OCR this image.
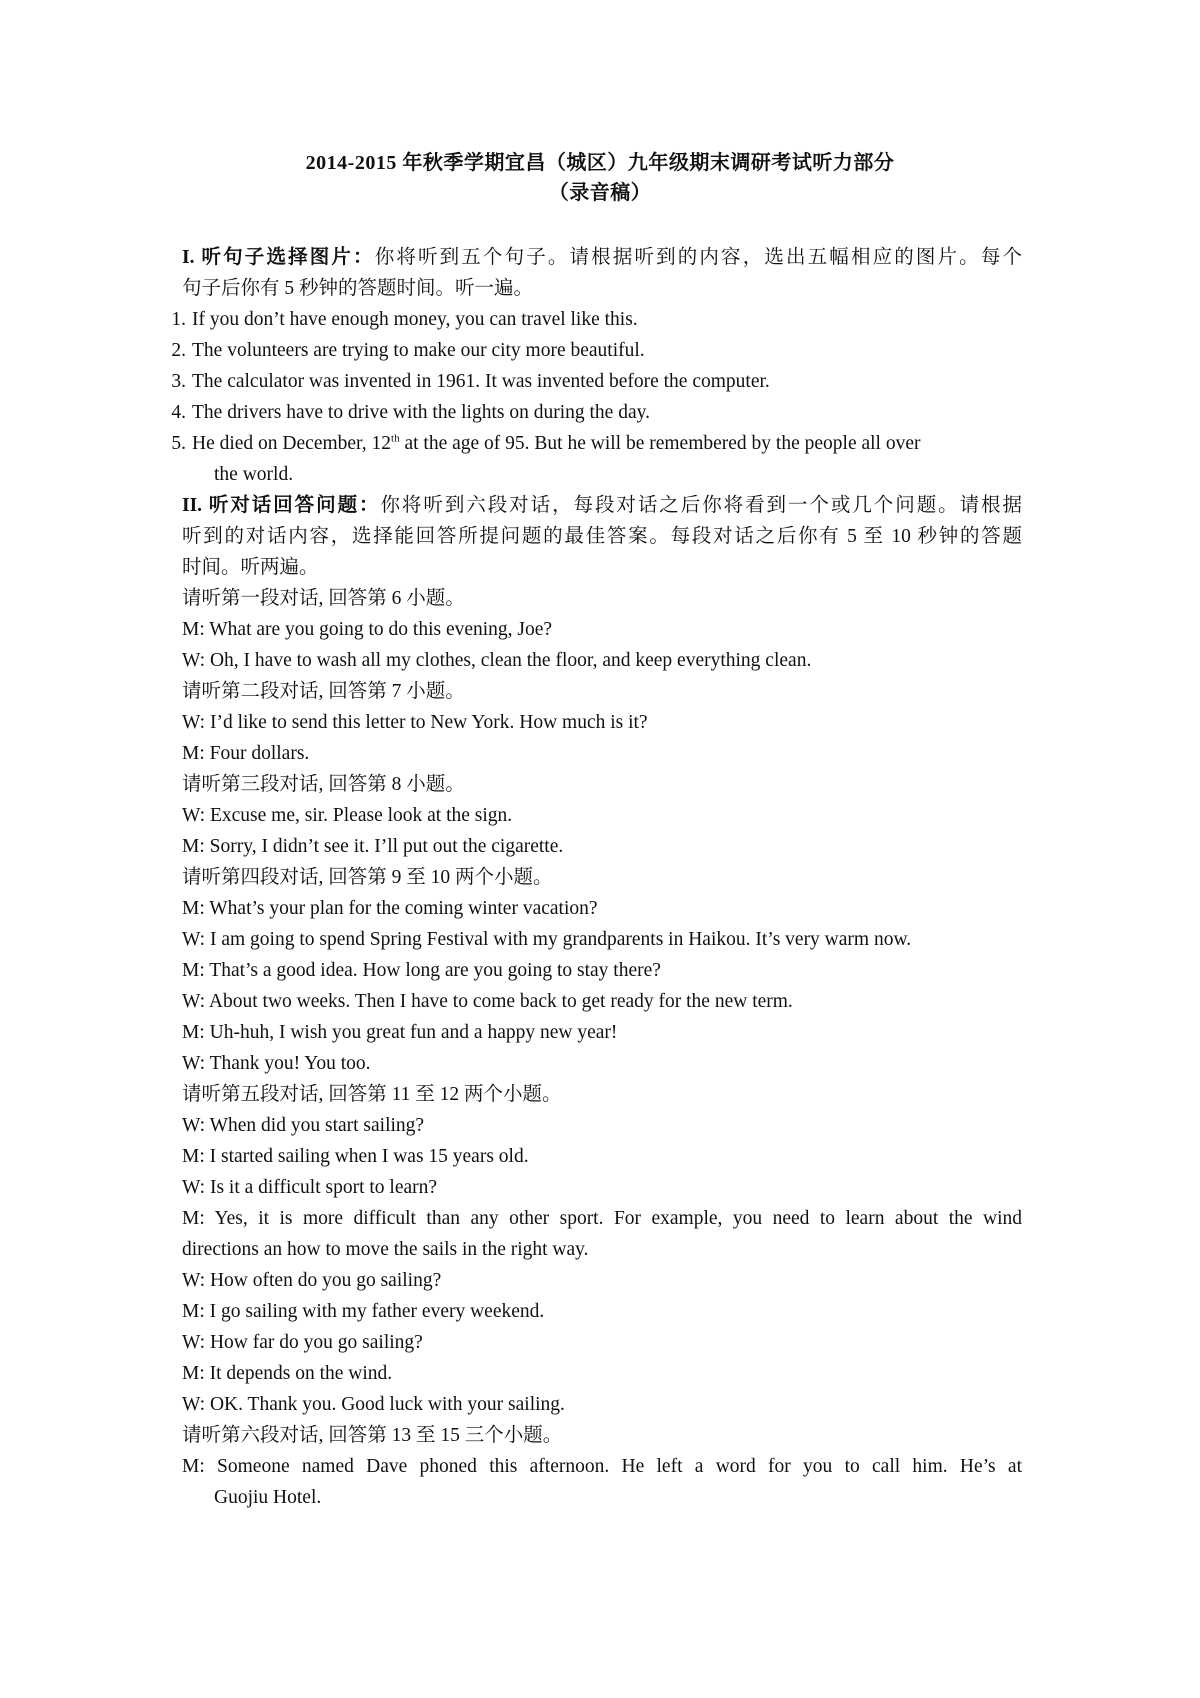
2014-2015 年秋季学期宜昌（城区）九年级期末调研考试听力部分
（录音稿）
I. 听句子选择图片：你将听到五个句子。请根据听到的内容，选出五幅相应的图片。每个
句子后你有 5 秒钟的答题时间。听一遍。
1. If you don’t have enough money, you can travel like this.
2. The volunteers are trying to make our city more beautiful.
3. The calculator was invented in 1961. It was invented before the computer.
4. The drivers have to drive with the lights on during the day.
5. He died on December, 12th at the age of 95. But he will be remembered by the people all over
the world.
II. 听对话回答问题：你将听到六段对话，每段对话之后你将看到一个或几个问题。请根据
听到的对话内容，选择能回答所提问题的最佳答案。每段对话之后你有 5 至 10 秒钟的答题
时间。听两遍。
请听第一段对话, 回答第 6 小题。
M: What are you going to do this evening, Joe?
W: Oh, I have to wash all my clothes, clean the floor, and keep everything clean.
请听第二段对话, 回答第 7 小题。
W: I’d like to send this letter to New York. How much is it?
M: Four dollars.
请听第三段对话, 回答第 8 小题。
W: Excuse me, sir. Please look at the sign.
M: Sorry, I didn’t see it. I’ll put out the cigarette.
请听第四段对话, 回答第 9 至 10 两个小题。
M: What’s your plan for the coming winter vacation?
W: I am going to spend Spring Festival with my grandparents in Haikou. It’s very warm now.
M: That’s a good idea. How long are you going to stay there?
W: About two weeks. Then I have to come back to get ready for the new term.
M: Uh-huh, I wish you great fun and a happy new year!
W: Thank you! You too.
请听第五段对话, 回答第 11 至 12 两个小题。
W: When did you start sailing?
M: I started sailing when I was 15 years old.
W: Is it a difficult sport to learn?
M: Yes, it is more difficult than any other sport. For example, you need to learn about the wind
directions an how to move the sails in the right way.
W: How often do you go sailing?
M: I go sailing with my father every weekend.
W: How far do you go sailing?
M: It depends on the wind.
W: OK. Thank you. Good luck with your sailing.
请听第六段对话, 回答第 13 至 15 三个小题。
M: Someone named Dave phoned this afternoon. He left a word for you to call him. He’s at
Guojiu Hotel.
